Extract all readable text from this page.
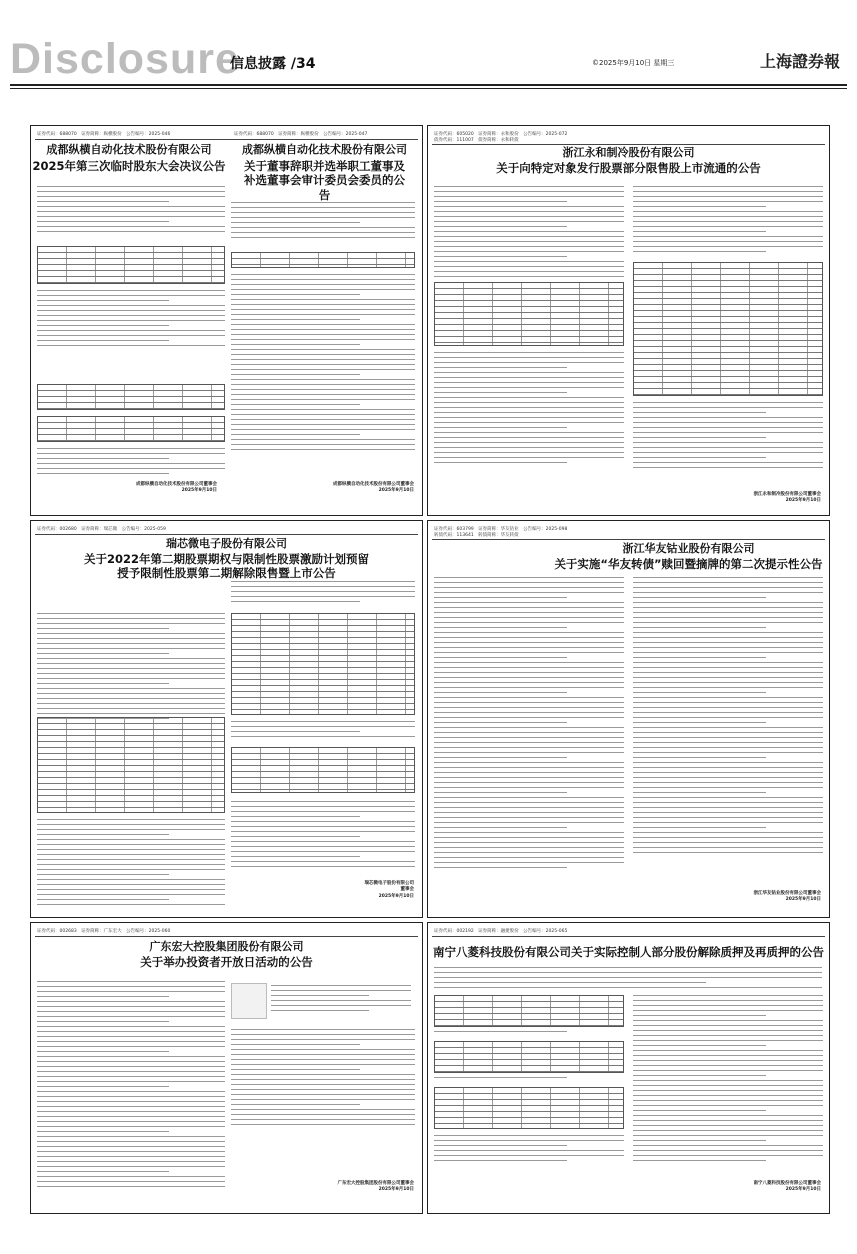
Disclosure
信息披露 /34	©2025年9月10日 星期三	上海證券報
证券代码：688070　证券简称：纵横股份　公告编号：2025-046	证券代码：688070　证券简称：纵横股份　公告编号：2025-047
成都纵横自动化技术股份有限公司
2025年第三次临时股东大会决议公告
成都纵横自动化技术股份有限公司
关于董事辞职并选举职工董事及补选董事会审计委员会委员的公告
成都纵横自动化技术股份有限公司董事会
2025年9月10日
成都纵横自动化技术股份有限公司董事会
2025年9月10日
证券代码：605020　证券简称：永和股份　公告编号：2025-072
债券代码：111007　债券简称：永和转债
浙江永和制冷股份有限公司
关于向特定对象发行股票部分限售股上市流通的公告
浙江永和制冷股份有限公司董事会
2025年9月10日
证券代码：002680　证券简称：瑞芯微　公告编号：2025-059
瑞芯微电子股份有限公司
关于2022年第二期股票期权与限制性股票激励计划预留授予限制性股票第二期解除限售暨上市公告
瑞芯微电子股份有限公司
董事会
2025年9月10日
证券代码：603799　证券简称：华友钴业　公告编号：2025-098
转债代码：113641　转债简称：华友转债
浙江华友钴业股份有限公司
关于实施“华友转债”赎回暨摘牌的第二次提示性公告
浙江华友钴业股份有限公司董事会
2025年9月10日
证券代码：002683　证券简称：广东宏大　公告编号：2025-060
广东宏大控股集团股份有限公司
关于举办投资者开放日活动的公告
广东宏大控股集团股份有限公司董事会
2025年9月10日
证券代码：002192　证券简称：融捷股份　公告编号：2025-065
南宁八菱科技股份有限公司关于实际控制人部分股份解除质押及再质押的公告
南宁八菱科技股份有限公司董事会
2025年9月10日
